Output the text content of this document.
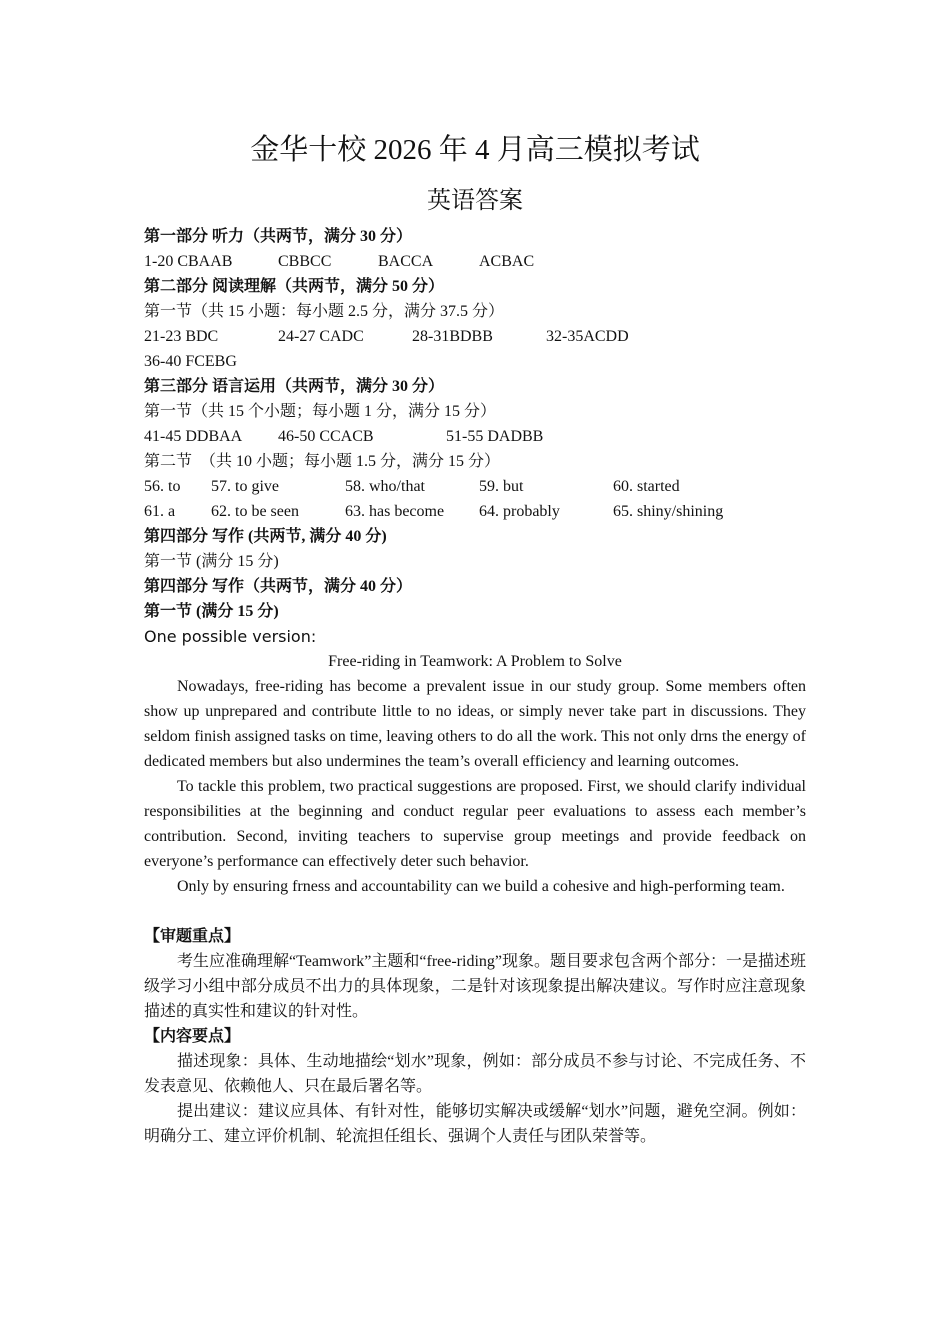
金华十校 2026 年 4 月高三模拟考试
英语答案
第一部分 听力（共两节，满分 30 分）
1-20 CBAAB	CBBCC	BACCA	ACBAC
第二部分 阅读理解（共两节，满分 50 分）
第一节（共 15 小题：每小题 2.5 分，满分 37.5 分）
21-23 BDC	24-27 CADC	28-31BDBB	32-35ACDD
36-40 FCEBG
第三部分 语言运用（共两节，满分 30 分）
第一节（共 15 个小题；每小题 1 分，满分 15 分）
41-45 DDBAA 46-50 CCACB	51-55 DADBB
第二节　（共 10 小题；每小题 1.5 分，满分 15 分）
56. to 57. to give	58. who/that	59. but	60. started
61. a 62. to be seen	63. has become 64. probably	65. shiny/shining
第四部分 写作 (共两节, 满分 40 分)
第一节 (满分 15 分)
第四部分 写作（共两节，满分 40 分）
第一节 (满分 15 分)
One possible version:
Free-riding in Teamwork: A Problem to Solve
Nowadays, free-riding has become a prevalent issue in our study group. Some members often show up unprepared and contribute little to no ideas, or simply never take part in discussions. They seldom finish assigned tasks on time, leaving others to do all the work. This not only drns the energy of dedicated members but also undermines the team’s overall efficiency and learning outcomes.
To tackle this problem, two practical suggestions are proposed. First, we should clarify individual responsibilities at the beginning and conduct regular peer evaluations to assess each member’s contribution. Second, inviting teachers to supervise group meetings and provide feedback on everyone’s performance can effectively deter such behavior.
Only by ensuring frness and accountability can we build a cohesive and high-performing team.
【审题重点】
考生应准确理解“Teamwork”主题和“free-riding”现象。题目要求包含两个部分：一是描述班级学习小组中部分成员不出力的具体现象，二是针对该现象提出解决建议。写作时应注意现象描述的真实性和建议的针对性。
【内容要点】
描述现象：具体、生动地描绘“划水”现象，例如：部分成员不参与讨论、不完成任务、不发表意见、依赖他人、只在最后署名等。
提出建议：建议应具体、有针对性，能够切实解决或缓解“划水”问题，避免空洞。例如：明确分工、建立评价机制、轮流担任组长、强调个人责任与团队荣誉等。
